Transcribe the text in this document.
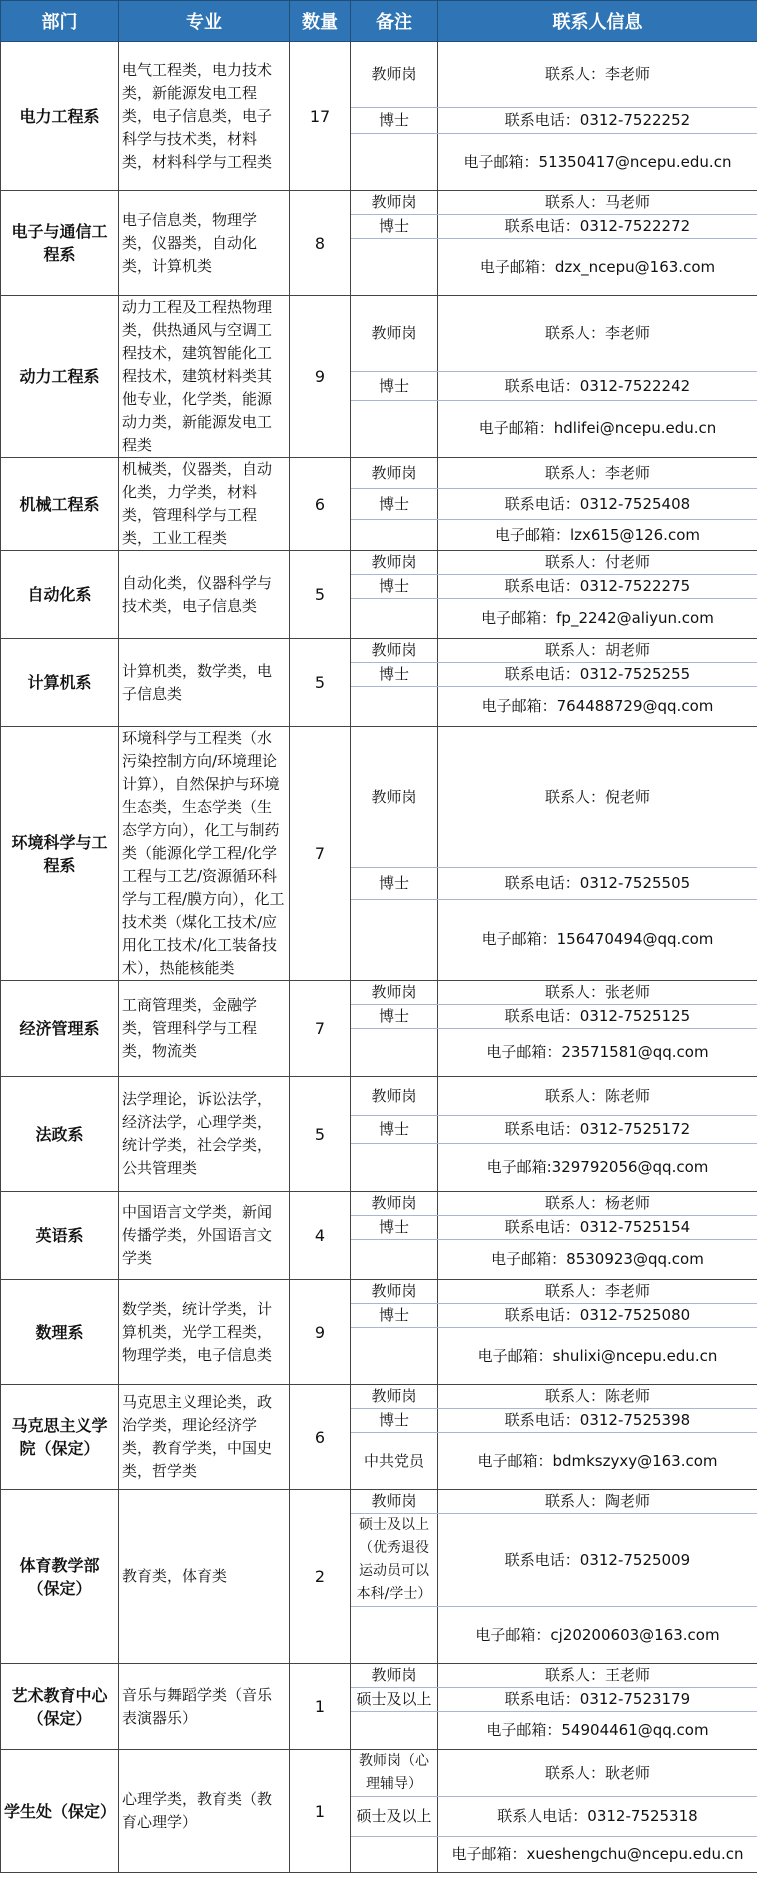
部门	专业	数量	备注	联系人信息
电力工程系	电气工程类，电力技术类，新能源发电工程类，电子信息类，电子科学与技术类，材料类，材料科学与工程类	17	教师岗	联系人：李老师
			博士	联系电话：0312-7522252
				电子邮箱：51350417@ncepu.edu.cn
电子与通信工程系	电子信息类，物理学类，仪器类，自动化类，计算机类	8	教师岗	联系人：马老师
			博士	联系电话：0312-7522272
				电子邮箱：dzx_ncepu@163.com
动力工程系	动力工程及工程热物理类，供热通风与空调工程技术，建筑智能化工程技术，建筑材料类其他专业，化学类，能源动力类，新能源发电工程类	9	教师岗	联系人：李老师
			博士	联系电话：0312-7522242
				电子邮箱：hdlifei@ncepu.edu.cn
机械工程系	机械类，仪器类，自动化类，力学类，材料类，管理科学与工程类，工业工程类	6	教师岗	联系人：李老师
			博士	联系电话：0312-7525408
				电子邮箱：lzx615@126.com
自动化系	自动化类，仪器科学与技术类，电子信息类	5	教师岗	联系人：付老师
			博士	联系电话：0312-7522275
				电子邮箱：fp_2242@aliyun.com
计算机系	计算机类，数学类，电子信息类	5	教师岗	联系人：胡老师
			博士	联系电话：0312-7525255
				电子邮箱：764488729@qq.com
环境科学与工程系	环境科学与工程类（水污染控制方向/环境理论计算），自然保护与环境生态类，生态学类（生态学方向），化工与制药类（能源化学工程/化学工程与工艺/资源循环科学与工程/膜方向），化工技术类（煤化工技术/应用化工技术/化工装备技术），热能核能类	7	教师岗	联系人：倪老师
			博士	联系电话：0312-7525505
				电子邮箱：156470494@qq.com
经济管理系	工商管理类，金融学类，管理科学与工程类，物流类	7	教师岗	联系人：张老师
			博士	联系电话：0312-7525125
				电子邮箱：23571581@qq.com
法政系	法学理论，诉讼法学，经济法学，心理学类，统计学类，社会学类，公共管理类	5	教师岗	联系人：陈老师
			博士	联系电话：0312-7525172
				电子邮箱:329792056@qq.com
英语系	中国语言文学类，新闻传播学类，外国语言文学类	4	教师岗	联系人：杨老师
			博士	联系电话：0312-7525154
				电子邮箱：8530923@qq.com
数理系	数学类，统计学类，计算机类，光学工程类，物理学类，电子信息类	9	教师岗	联系人：李老师
			博士	联系电话：0312-7525080
				电子邮箱：shulixi@ncepu.edu.cn
马克思主义学院（保定）	马克思主义理论类，政治学类，理论经济学类，教育学类，中国史类，哲学类	6	教师岗	联系人：陈老师
			博士	联系电话：0312-7525398
			中共党员	电子邮箱：bdmkszyxy@163.com
体育教学部（保定）	教育类，体育类	2	教师岗	联系人：陶老师
			硕士及以上（优秀退役运动员可以本科/学士）	联系电话：0312-7525009
				电子邮箱：cj20200603@163.com
艺术教育中心（保定）	音乐与舞蹈学类（音乐表演器乐）	1	教师岗	联系人：王老师
			硕士及以上	联系电话：0312-7523179
				电子邮箱：54904461@qq.com
学生处（保定）	心理学类，教育类（教育心理学）	1	教师岗（心理辅导）	联系人：耿老师
			硕士及以上	联系人电话：0312-7525318
				电子邮箱：xueshengchu@ncepu.edu.cn
